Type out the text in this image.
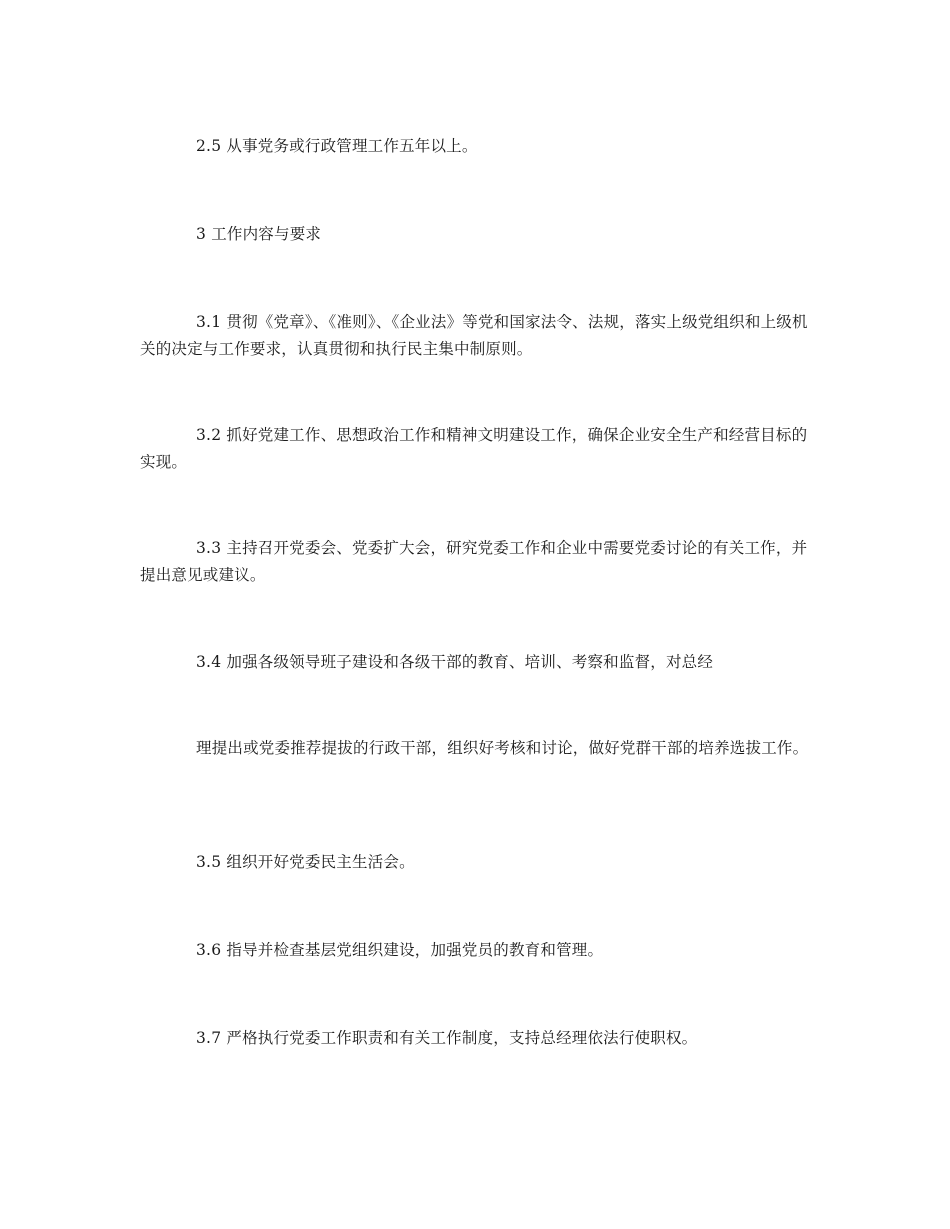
2.5 从事党务或行政管理工作五年以上。

3 工作内容与要求

3.1 贯彻《党章》、《准则》、《企业法》等党和国家法令、法规，落实上级党组织和上级机关的决定与工作要求，认真贯彻和执行民主集中制原则。

3.2 抓好党建工作、思想政治工作和精神文明建设工作，确保企业安全生产和经营目标的实现。

3.3 主持召开党委会、党委扩大会，研究党委工作和企业中需要党委讨论的有关工作，并提出意见或建议。

3.4 加强各级领导班子建设和各级干部的教育、培训、考察和监督，对总经

理提出或党委推荐提拔的行政干部，组织好考核和讨论，做好党群干部的培养选拔工作。

3.5 组织开好党委民主生活会。

3.6 指导并检查基层党组织建设，加强党员的教育和管理。

3.7 严格执行党委工作职责和有关工作制度，支持总经理依法行使职权。
